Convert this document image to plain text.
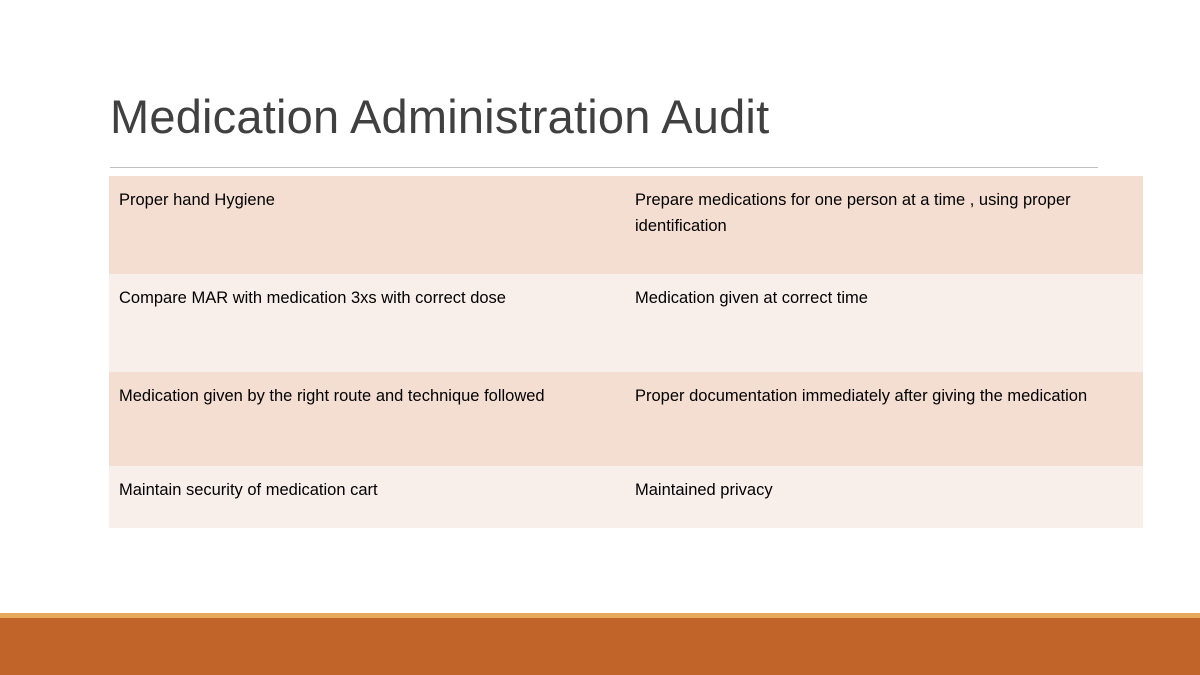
Medication Administration Audit
Proper hand Hygiene	Prepare medications for one person at a time , using proper identification
Compare MAR with medication 3xs with correct dose	Medication given at correct time
Medication given by the right route and technique followed	Proper documentation immediately after giving the medication
Maintain security of medication cart	Maintained privacy
